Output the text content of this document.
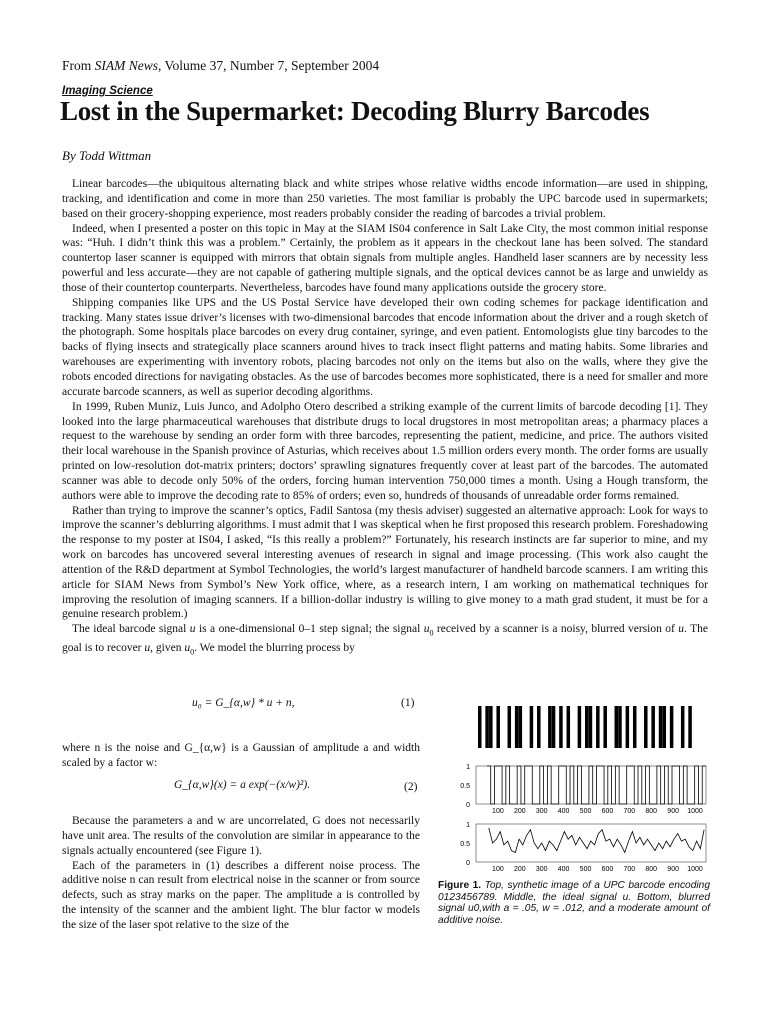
From SIAM News, Volume 37, Number 7, September 2004
Imaging Science
Lost in the Supermarket: Decoding Blurry Barcodes
By Todd Wittman

Linear barcodes—the ubiquitous alternating black and white stripes whose relative widths encode information—are used in shipping, tracking, and identification and come in more than 250 varieties. The most familiar is probably the UPC barcode used in supermarkets; based on their grocery-shopping experience, most readers probably consider the reading of barcodes a trivial problem.

Indeed, when I presented a poster on this topic in May at the SIAM IS04 conference in Salt Lake City, the most common initial response was: “Huh. I didn’t think this was a problem.” Certainly, the problem as it appears in the checkout lane has been solved. The standard countertop laser scanner is equipped with mirrors that obtain signals from multiple angles. Handheld laser scanners are by necessity less powerful and less accurate—they are not capable of gathering multiple signals, and the optical devices cannot be as large and unwieldy as those of their countertop counterparts. Nevertheless, barcodes have found many applications outside the grocery store.

Shipping companies like UPS and the US Postal Service have developed their own coding schemes for package identification and tracking. Many states issue driver’s licenses with two-dimensional barcodes that encode information about the driver and a rough sketch of the photograph. Some hospitals place barcodes on every drug container, syringe, and even patient. Entomologists glue tiny barcodes to the backs of flying insects and strategically place scanners around hives to track insect flight patterns and mating habits. Some libraries and warehouses are experimenting with inventory robots, placing barcodes not only on the items but also on the walls, where they give the robots encoded directions for navigating obstacles. As the use of barcodes becomes more sophisticated, there is a need for smaller and more accurate barcode scanners, as well as superior decoding algorithms.

In 1999, Ruben Muniz, Luis Junco, and Adolpho Otero described a striking example of the current limits of barcode decoding [1]. They looked into the large pharmaceutical warehouses that distribute drugs to local drugstores in most metropolitan areas; a pharmacy places a request to the warehouse by sending an order form with three barcodes, representing the patient, medicine, and price. The authors visited their local warehouse in the Spanish province of Asturias, which receives about 1.5 million orders every month. The order forms are usually printed on low-resolution dot-matrix printers; doctors’ sprawling signatures frequently cover at least part of the barcodes. The automated scanner was able to decode only 50% of the orders, forcing human intervention 750,000 times a month. Using a Hough transform, the authors were able to improve the decoding rate to 85% of orders; even so, hundreds of thousands of unreadable order forms remained.

Rather than trying to improve the scanner’s optics, Fadil Santosa (my thesis adviser) suggested an alternative approach: Look for ways to improve the scanner’s deblurring algorithms. I must admit that I was skeptical when he first proposed this research problem. Foreshadowing the response to my poster at IS04, I asked, “Is this really a problem?” Fortunately, his research instincts are far superior to mine, and my work on barcodes has uncovered several interesting avenues of research in signal and image processing. (This work also caught the attention of the R&D department at Symbol Technologies, the world’s largest manufacturer of handheld barcode scanners. I am writing this article for SIAM News from Symbol’s New York office, where, as a research intern, I am working on mathematical techniques for improving the resolution of imaging scanners. If a billion-dollar industry is willing to give money to a math grad student, it must be for a genuine research problem.)

The ideal barcode signal u is a one-dimensional 0–1 step signal; the signal $u_0$ received by a scanner is a noisy, blurred version of u. The goal is to recover u, given $u_0$. We model the blurring process by

u₀ = G_{α,w} * u + n,	(1)

where n is the noise and G_{α,w} is a Gaussian of amplitude a and width scaled by a factor w:

G_{α,w}(x) = a exp(−(x/w)²).	(2)

Because the parameters a and w are uncorrelated, G does not necessarily have unit area. The results of the convolution are similar in appearance to the signals actually encountered (see Figure 1).

Each of the parameters in (1) describes a different noise process. The additive noise n can result from electrical noise in the scanner or from source defects, such as stray marks on the paper. The amplitude a is controlled by the intensity of the scanner and the ambient light. The blur factor w models the size of the laser spot relative to the size of the

1
0.5
0
100 200 300 400 500 600 700 800 900 1000
1
0.5
0
100 200 300 400 500 600 700 800 900 1000
Figure 1. Top, synthetic image of a UPC barcode encoding 0123456789. Middle, the ideal signal u. Bottom, blurred signal u0,with a = .05, w = .012, and a moderate amount of additive noise.
